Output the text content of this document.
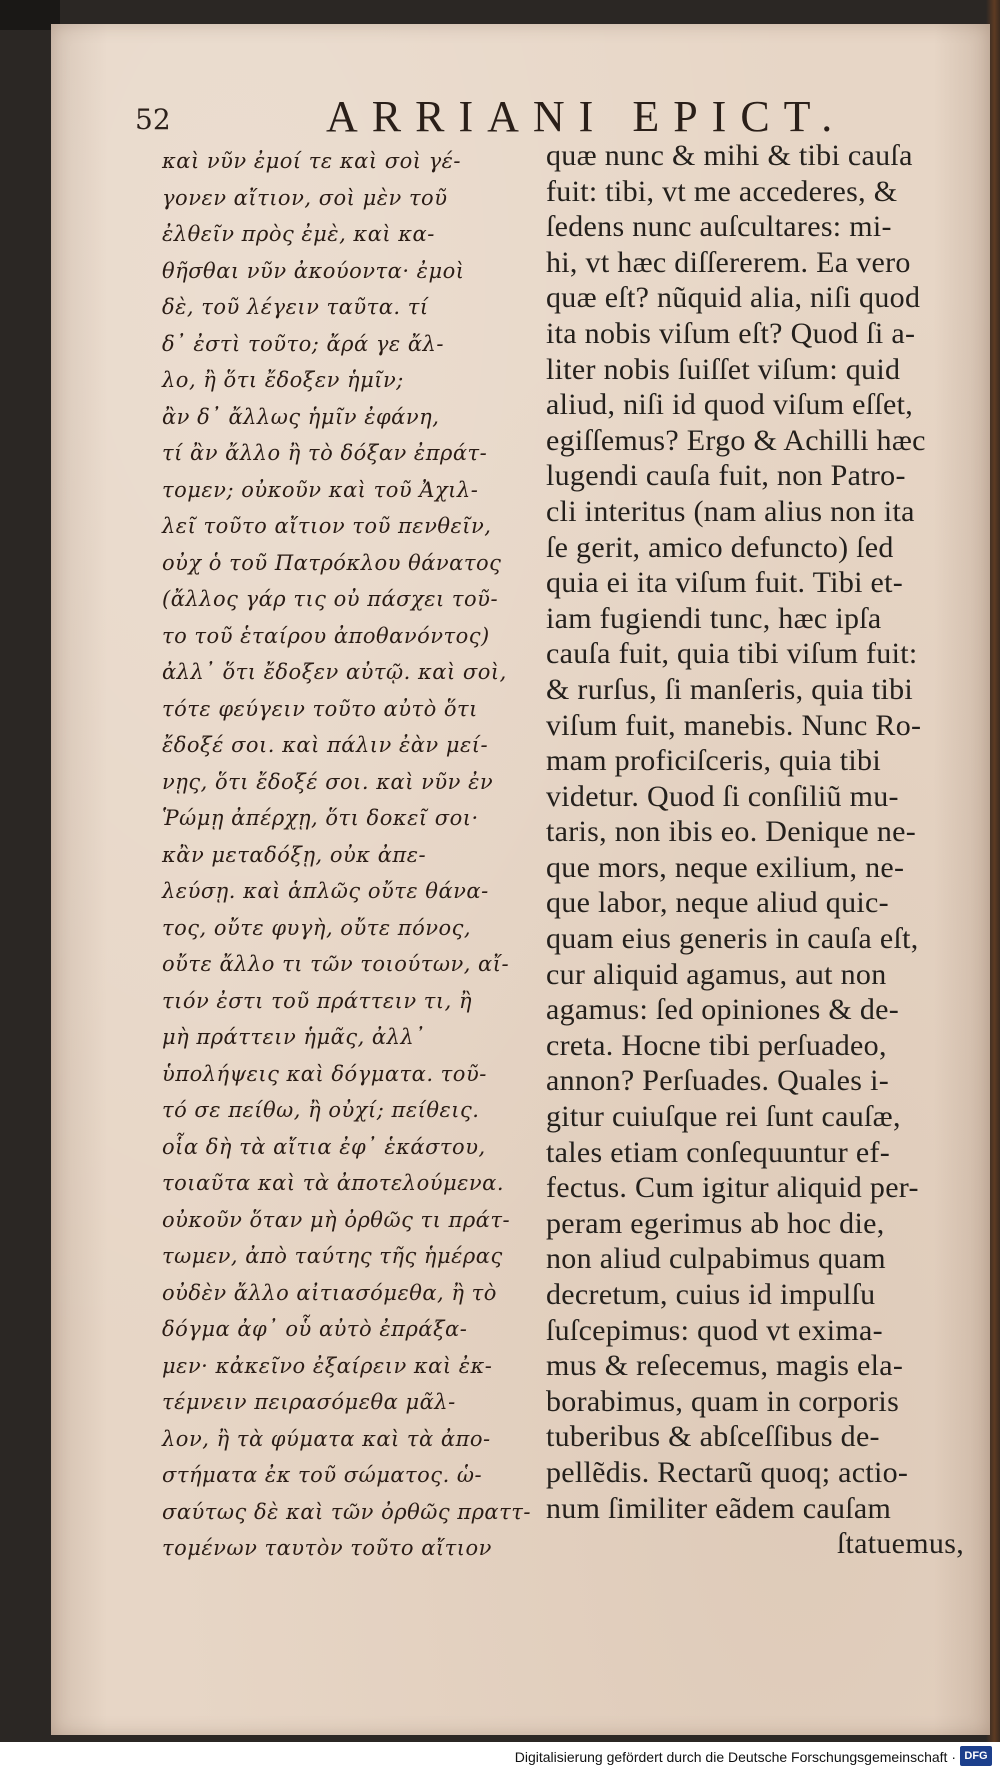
52	ARRIANI EPICT.
καὶ νῦν ἐμοί τε καὶ σοὶ γέ-
γονεν αἴτιον, σοὶ μὲν τοῦ
ἐλθεῖν πρὸς ἐμὲ, καὶ κα-
θῆσθαι νῦν ἀκούοντα· ἐμοὶ
δὲ, τοῦ λέγειν ταῦτα. τί
δ᾽ ἐστὶ τοῦτο; ἄρά γε ἄλ-
λο, ἢ ὅτι ἔδοξεν ἡμῖν;
ἂν δ᾽ ἄλλως ἡμῖν ἐφάνη,
τί ἂν ἄλλο ἢ τὸ δόξαν ἐπράτ-
τομεν; οὐκοῦν καὶ τοῦ Ἀχιλ-
λεῖ τοῦτο αἴτιον τοῦ πενθεῖν,
οὐχ ὁ τοῦ Πατρόκλου θάνατος
(ἄλλος γάρ τις οὐ πάσχει τοῦ-
το τοῦ ἑταίρου ἀποθανόντος)
ἀλλ᾽ ὅτι ἔδοξεν αὐτῷ. καὶ σοὶ,
τότε φεύγειν τοῦτο αὐτὸ ὅτι
ἔδοξέ σοι. καὶ πάλιν ἐὰν μεί-
νῃς, ὅτι ἔδοξέ σοι. καὶ νῦν ἐν
Ῥώμῃ ἀπέρχῃ, ὅτι δοκεῖ σοι·
κἂν μεταδόξῃ, οὐκ ἀπε-
λεύσῃ. καὶ ἁπλῶς οὔτε θάνα-
τος, οὔτε φυγὴ, οὔτε πόνος,
οὔτε ἄλλο τι τῶν τοιούτων, αἴ-
τιόν ἐστι τοῦ πράττειν τι, ἢ
μὴ πράττειν ἡμᾶς, ἀλλ᾽
ὑπολήψεις καὶ δόγματα. τοῦ-
τό σε πείθω, ἢ οὐχί; πείθεις.
οἷα δὴ τὰ αἴτια ἐφ᾽ ἑκάστου,
τοιαῦτα καὶ τὰ ἀποτελούμενα.
οὐκοῦν ὅταν μὴ ὀρθῶς τι πράτ-
τωμεν, ἀπὸ ταύτης τῆς ἡμέρας
οὐδὲν ἄλλο αἰτιασόμεθα, ἢ τὸ
δόγμα ἀφ᾽ οὗ αὐτὸ ἐπράξα-
μεν· κἀκεῖνο ἐξαίρειν καὶ ἐκ-
τέμνειν πειρασόμεθα μᾶλ-
λον, ἢ τὰ φύματα καὶ τὰ ἀπο-
στήματα ἐκ τοῦ σώματος. ὡ-
σαύτως δὲ καὶ τῶν ὀρθῶς πραττ-
τομένων ταυτὸν τοῦτο αἴτιον
quæ nunc & mihi & tibi cauſa
fuit: tibi, vt me accederes, &
ſedens nunc auſcultares: mi-
hi, vt hæc diſſererem. Ea vero
quæ eſt? nũquid alia, niſi quod
ita nobis viſum eſt? Quod ſi a-
liter nobis ſuiſſet viſum: quid
aliud, niſi id quod viſum eſſet,
egiſſemus? Ergo & Achilli hæc
lugendi cauſa fuit, non Patro-
cli interitus (nam alius non ita
ſe gerit, amico defuncto) ſed
quia ei ita viſum fuit. Tibi et-
iam fugiendi tunc, hæc ipſa
cauſa fuit, quia tibi viſum fuit:
& rurſus, ſi manſeris, quia tibi
viſum fuit, manebis. Nunc Ro-
mam proficiſceris, quia tibi
videtur. Quod ſi conſiliũ mu-
taris, non ibis eo. Denique ne-
que mors, neque exilium, ne-
que labor, neque aliud quic-
quam eius generis in cauſa eſt,
cur aliquid agamus, aut non
agamus: ſed opiniones & de-
creta. Hocne tibi perſuadeo,
annon? Perſuades. Quales i-
gitur cuiuſque rei ſunt cauſæ,
tales etiam conſequuntur ef-
fectus. Cum igitur aliquid per-
peram egerimus ab hoc die,
non aliud culpabimus quam
decretum, cuius id impulſu
ſuſcepimus: quod vt eximа-
mus & reſecemus, magis ela-
borabimus, quam in corporis
tuberibus & abſceſſibus de-
pellẽdis. Rectarũ quoq; actio-
num ſimiliter eãdem cauſam
ſtatuemus,

Digitalisierung gefördert durch die Deutsche Forschungsgemeinschaft · DFG
